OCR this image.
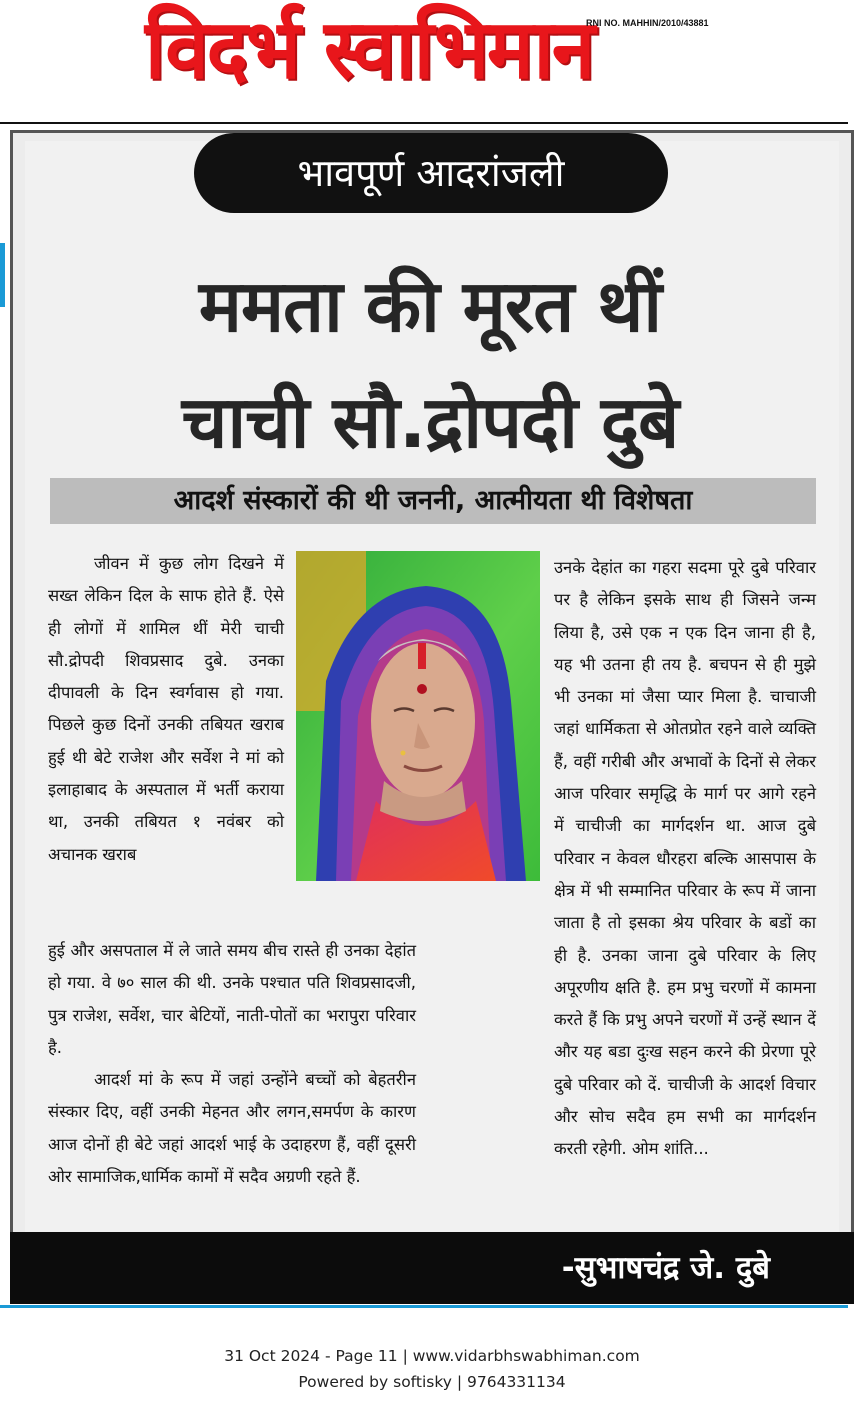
विदर्भ स्वाभिमान
RNI NO. MAHHIN/2010/43881
भावपूर्ण आदरांजली
ममता की मूरत थीं
चाची सौ.द्रोपदी दुबे
आदर्श संस्कारों की थी जननी, आत्मीयता थी विशेषता

जीवन में कुछ लोग दिखने में सख्त लेकिन दिल के साफ होते हैं. ऐसे ही लोगों में शामिल थीं मेरी चाची सौ.द्रोपदी शिवप्रसाद दुबे. उनका दीपावली के दिन स्वर्गवास हो गया. पिछले कुछ दिनों उनकी तबियत खराब हुई थी बेटे राजेश और सर्वेश ने मां को इलाहाबाद के अस्पताल में भर्ती कराया था, उनकी तबियत १ नवंबर को अचानक खराब

हुई और असपताल में ले जाते समय बीच रास्ते ही उनका देहांत हो गया. वे ७० साल की थी. उनके पश्चात पति शिवप्रसादजी, पुत्र राजेश, सर्वेश, चार बेटियों, नाती-पोतों का भरापुरा परिवार है.

आदर्श मां के रूप में जहां उन्होंने बच्चों को बेहतरीन संस्कार दिए, वहीं उनकी मेहनत और लगन,समर्पण के कारण आज दोनों ही बेटे जहां आदर्श भाई के उदाहरण हैं, वहीं दूसरी ओर सामाजिक,धार्मिक कामों में सदैव अग्रणी रहते हैं.

उनके देहांत का गहरा सदमा पूरे दुबे परिवार पर है लेकिन इसके साथ ही जिसने जन्म लिया है, उसे एक न एक दिन जाना ही है, यह भी उतना ही तय है. बचपन से ही मुझे भी उनका मां जैसा प्यार मिला है. चाचाजी जहां धार्मिकता से ओतप्रोत रहने वाले व्यक्ति हैं, वहीं गरीबी और अभावों के दिनों से लेकर आज परिवार समृद्धि के मार्ग पर आगे रहने में चाचीजी का मार्गदर्शन था. आज दुबे परिवार न केवल धौरहरा बल्कि आसपास के क्षेत्र में भी सम्मानित परिवार के रूप में जाना जाता है तो इसका श्रेय परिवार के बडों का ही है. उनका जाना दुबे परिवार के लिए अपूरणीय क्षति है. हम प्रभु चरणों में कामना करते हैं कि प्रभु अपने चरणों में उन्हें स्थान दें और यह बडा दुःख सहन करने की प्रेरणा पूरे दुबे परिवार को दें. चाचीजी के आदर्श विचार और सोच सदैव हम सभी का मार्गदर्शन करती रहेगी. ओम शांति...

-सुभाषचंद्र जे. दुबे
31 Oct 2024 - Page 11 | www.vidarbhswabhiman.com
Powered by softisky | 9764331134
